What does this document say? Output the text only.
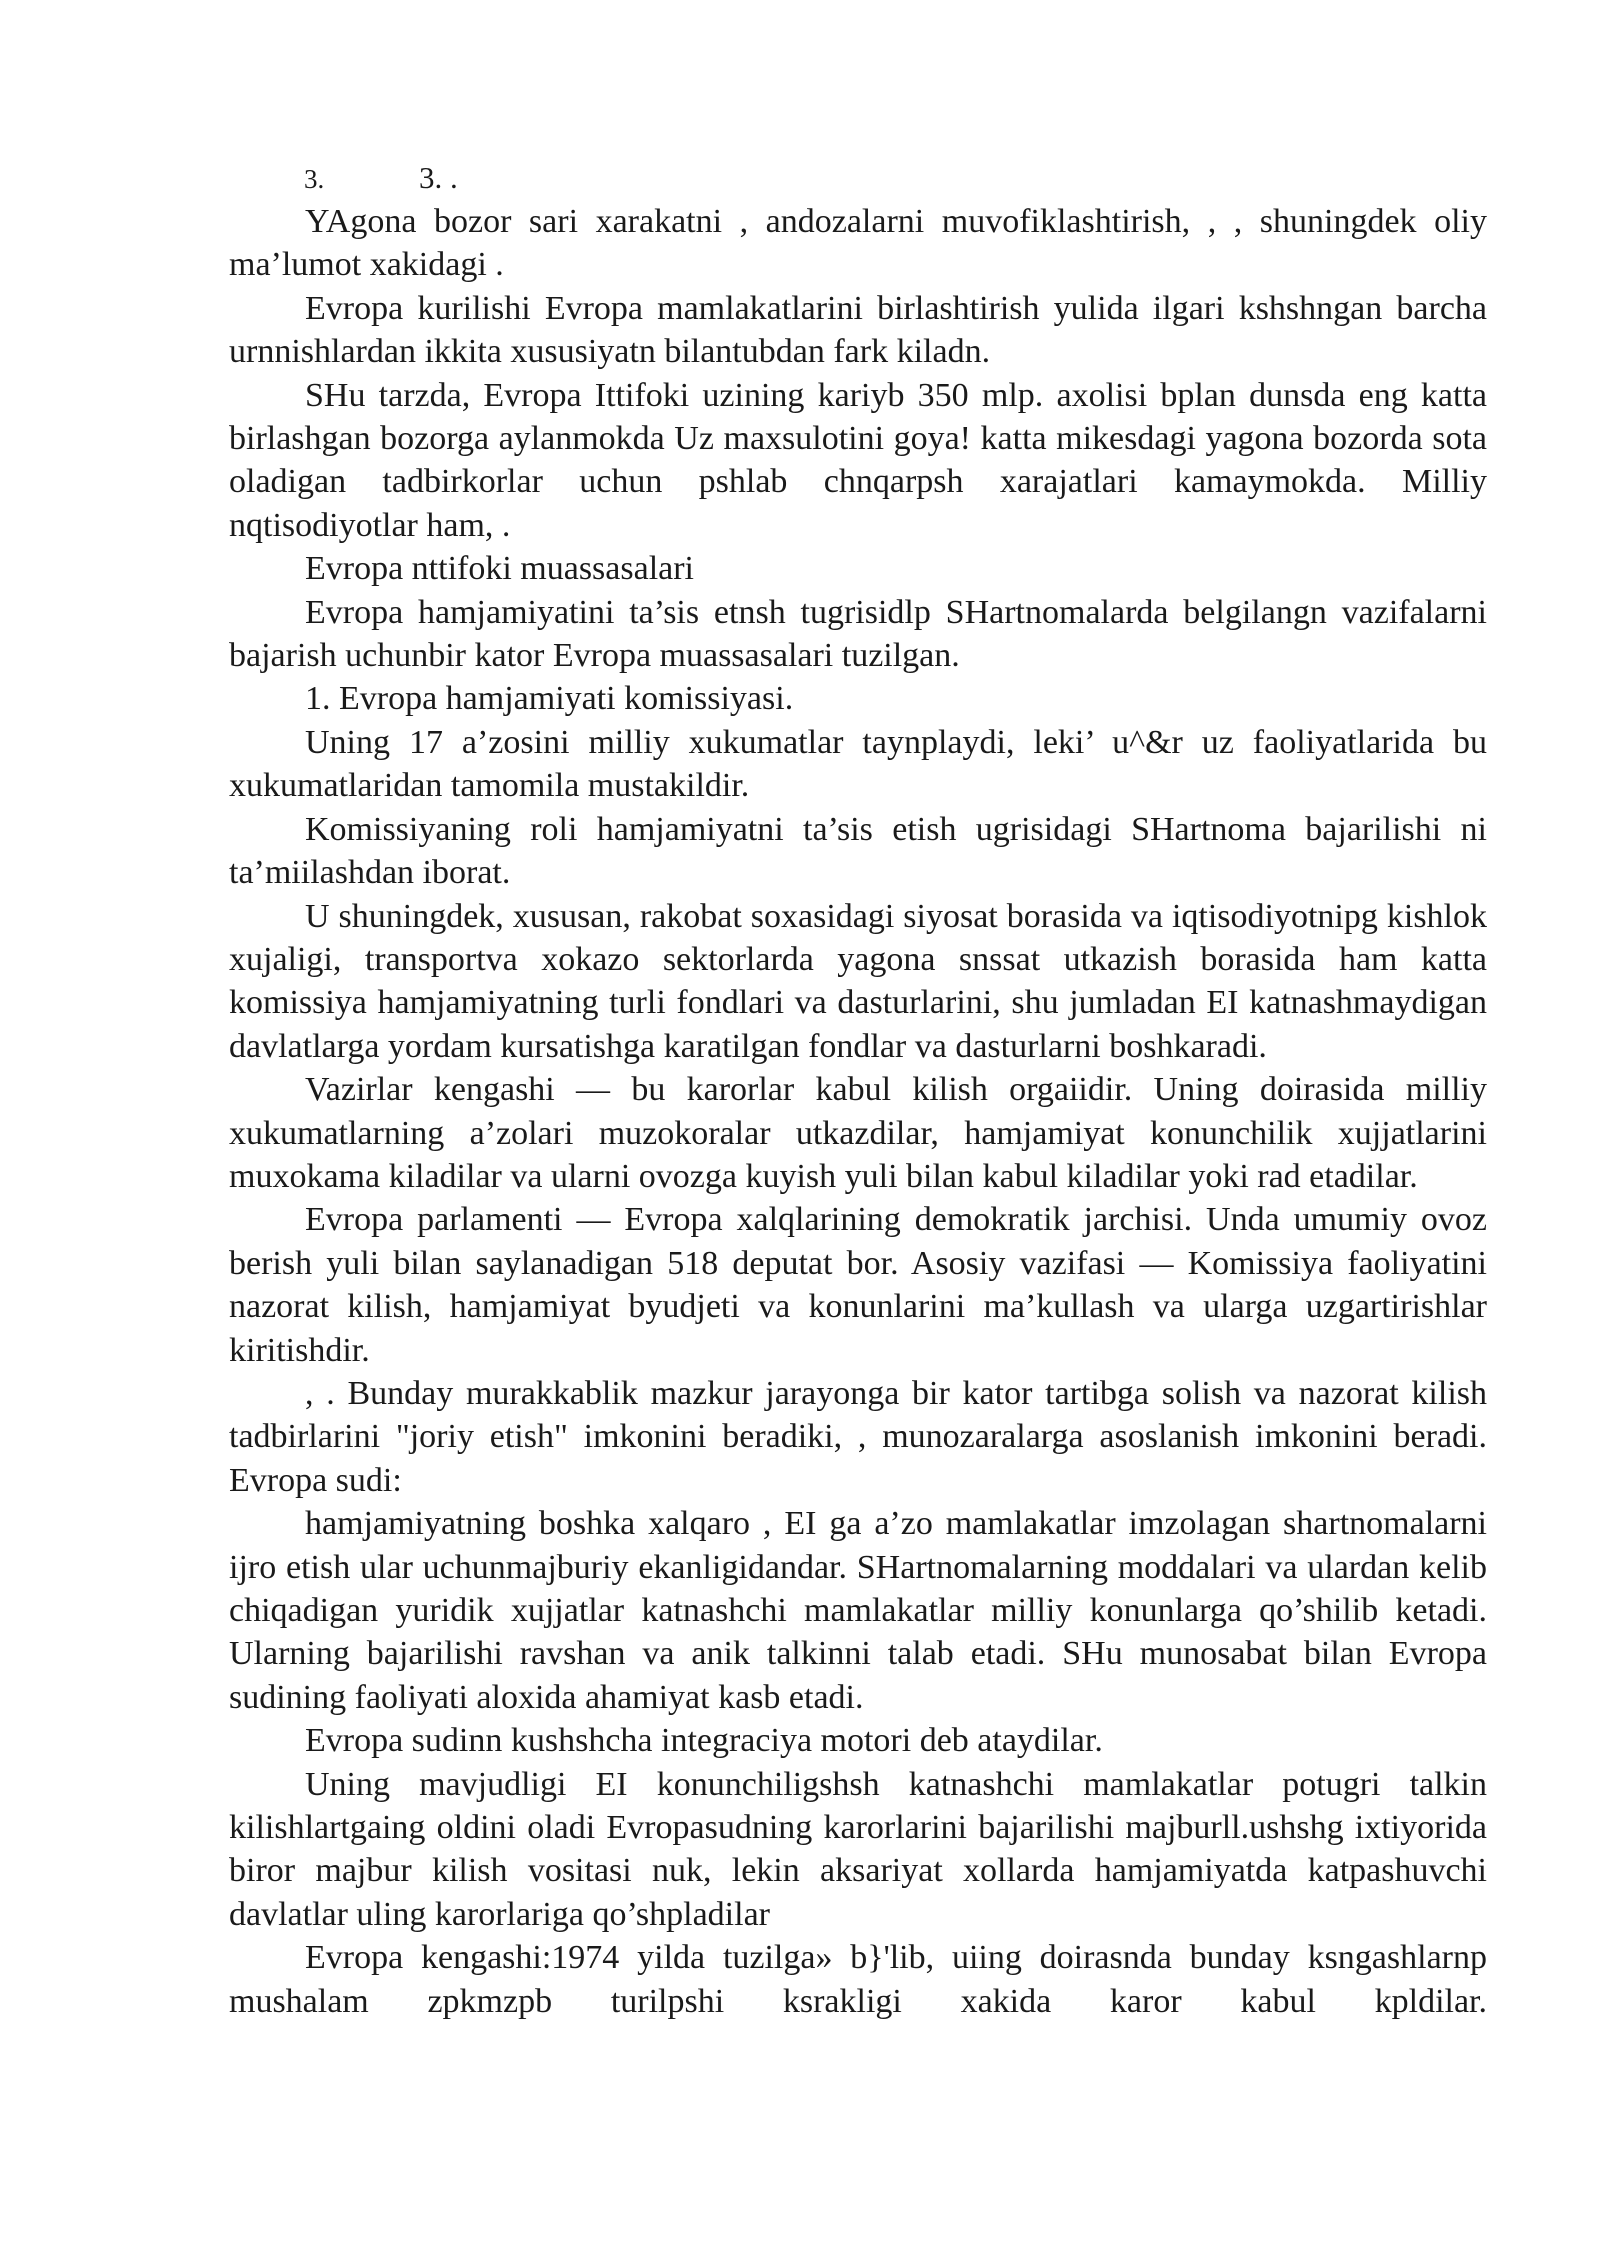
3.	3. .

YAgona bozor sari xarakatni , andozalarni muvofiklashtirish, , , shuningdek oliy ma’lumot xakidagi .

Evropa kurilishi Evropa mamlakatlarini birlashtirish yulida ilgari kshshngan barcha urnnishlardan ikkita xususiyatn bilantubdan fark kiladn.

SHu tarzda, Evropa Ittifoki uzining kariyb 350 mlp. axolisi bplan dunsda eng katta birlashgan bozorga aylanmokda Uz maxsulotini goya! katta mikesdagi yagona bozorda sota oladigan tadbirkorlar uchun pshlab chnqarpsh xarajatlari kamaymokda. Milliy nqtisodiyotlar ham, .

Evropa nttifoki muassasalari

Evropa hamjamiyatini ta’sis etnsh tugrisidlp SHartnomalarda belgilangn vazifalarni bajarish uchunbir kator Evropa muassasalari tuzilgan.

1. Evropa hamjamiyati komissiyasi.

Uning 17 a’zosini milliy xukumatlar taynplaydi, leki’ u^&r uz faoliyatlarida bu xukumatlaridan tamomila mustakildir.

Komissiyaning roli hamjamiyatni ta’sis etish ugrisidagi SHartnoma bajarilishi ni ta’miilashdan iborat.

U shuningdek, xususan, rakobat soxasidagi siyosat borasida va iqtisodiyotnipg kishlok xujaligi, transportva xokazo sektorlarda yagona snssat utkazish borasida ham katta komissiya hamjamiyatning turli fondlari va dasturlarini, shu jumladan EI katnashmaydigan davlatlarga yordam kursatishga karatilgan fondlar va dasturlarni boshkaradi.

Vazirlar kengashi — bu karorlar kabul kilish orgaiidir. Uning doirasida milliy xukumatlarning a’zolari muzokoralar utkazdilar, hamjamiyat konunchilik xujjatlarini muxokama kiladilar va ularni ovozga kuyish yuli bilan kabul kiladilar yoki rad etadilar.

Evropa parlamenti — Evropa xalqlarining demokratik jarchisi. Unda umumiy ovoz berish yuli bilan saylanadigan 518 deputat bor. Asosiy vazifasi — Komissiya faoliyatini nazorat kilish, hamjamiyat byudjeti va konunlarini ma’kullash va ularga uzgartirishlar kiritishdir.

, . Bunday murakkablik mazkur jarayonga bir kator tartibga solish va nazorat kilish tadbirlarini "joriy etish" imkonini beradiki, , munozaralarga asoslanish imkonini beradi. Evropa sudi:

hamjamiyatning boshka xalqaro , EI ga a’zo mamlakatlar imzolagan shartnomalarni ijro etish ular uchunmajburiy ekanligidandar. SHartnomalarning moddalari va ulardan kelib chiqadigan yuridik xujjatlar katnashchi mamlakatlar milliy konunlarga qo’shilib ketadi. Ularning bajarilishi ravshan va anik talkinni talab etadi. SHu munosabat bilan Evropa sudining faoliyati aloxida ahamiyat kasb etadi.

Evropa sudinn kushshcha integraciya motori deb ataydilar.

Uning mavjudligi EI konunchiligshsh katnashchi mamlakatlar potugri talkin kilishlartgaing oldini oladi Evropasudning karorlarini bajarilishi majburll.ushshg ixtiyorida biror majbur kilish vositasi nuk, lekin aksariyat xollarda hamjamiyatda katpashuvchi davlatlar uling karorlariga qo’shpladilar

Evropa kengashi:1974 yilda tuzilga» b}'lib, uiing doirasnda bunday ksngashlarnp mushalam zpkmzpb turilpshi ksrakligi xakida karor kabul kpldilar.
